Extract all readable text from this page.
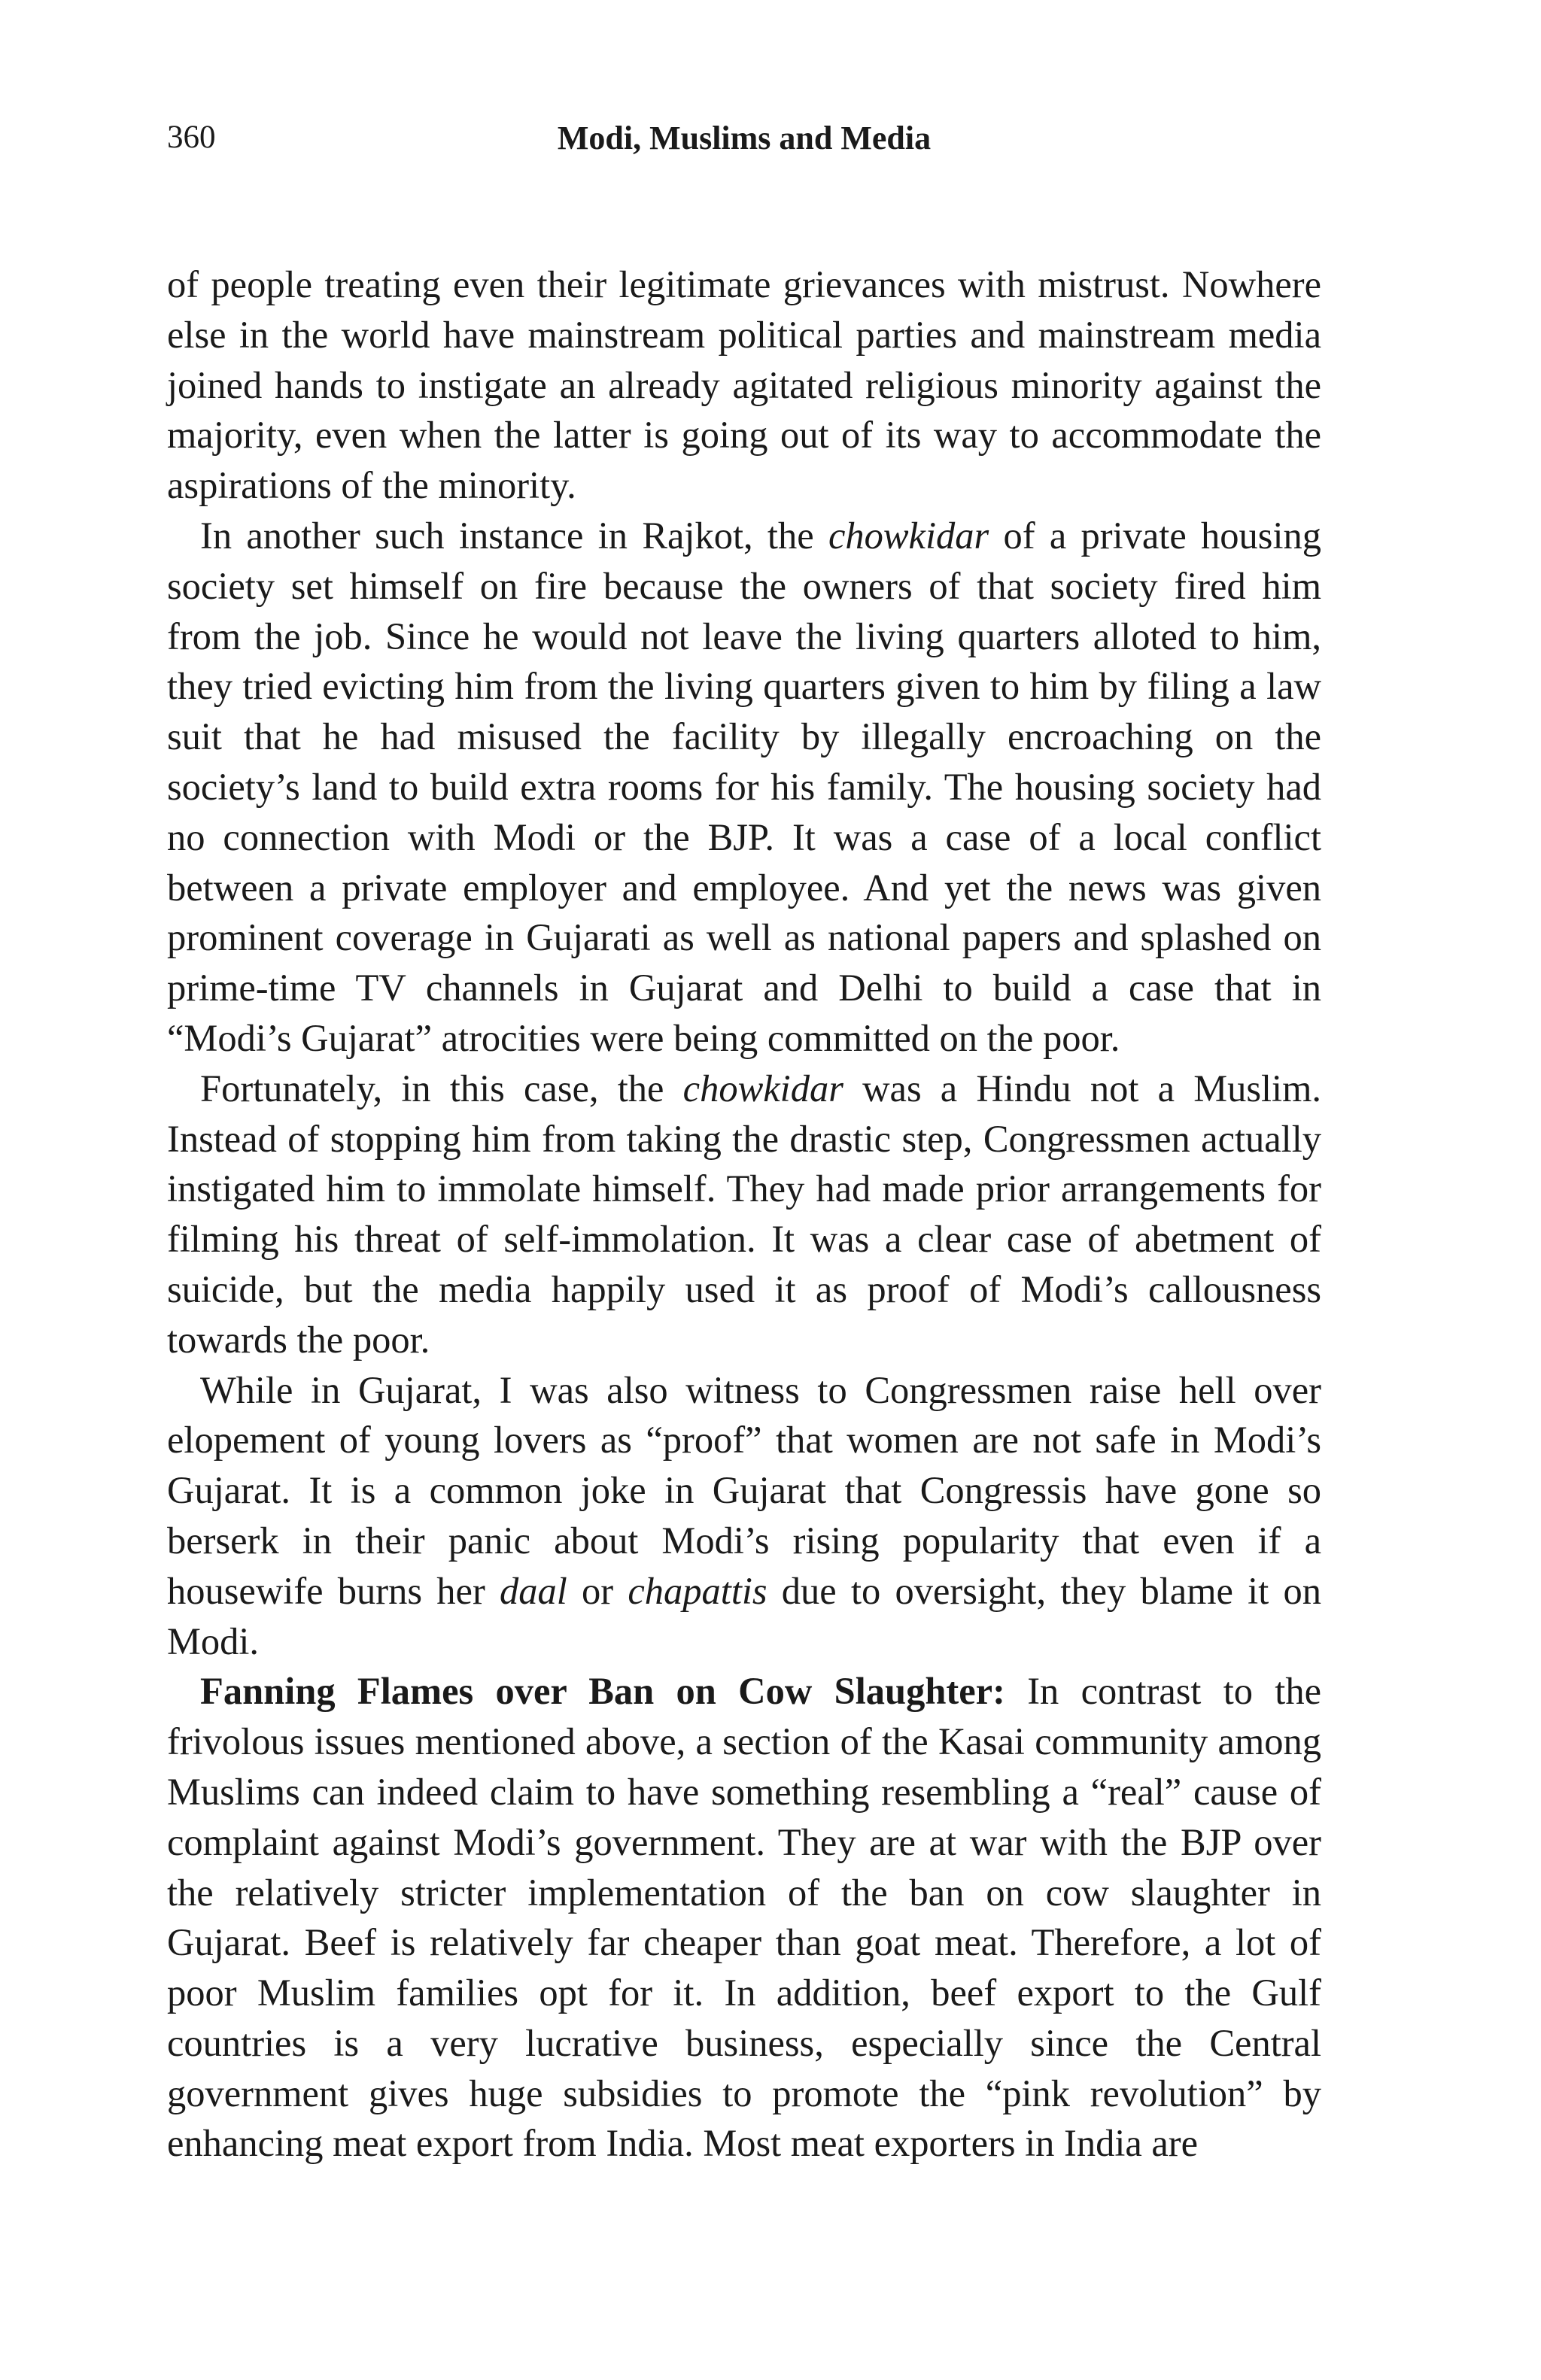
360	Modi, Muslims and Media

of people treating even their legitimate grievances with mistrust. Nowhere else in the world have mainstream political parties and mainstream media joined hands to instigate an already agitated religious minority against the majority, even when the latter is going out of its way to accommodate the aspirations of the minority.

In another such instance in Rajkot, the chowkidar of a private housing society set himself on fire because the owners of that society fired him from the job. Since he would not leave the living quarters alloted to him, they tried evicting him from the living quarters given to him by filing a law suit that he had misused the facility by illegally encroaching on the society’s land to build extra rooms for his family. The housing society had no connection with Modi or the BJP. It was a case of a local conflict between a private employer and employee. And yet the news was given prominent coverage in Gujarati as well as national papers and splashed on prime-time TV channels in Gujarat and Delhi to build a case that in “Modi’s Gujarat” atrocities were being committed on the poor.

Fortunately, in this case, the chowkidar was a Hindu not a Muslim. Instead of stopping him from taking the drastic step, Congressmen actually instigated him to immolate himself. They had made prior arrangements for filming his threat of self-immolation. It was a clear case of abetment of suicide, but the media happily used it as proof of Modi’s callousness towards the poor.

While in Gujarat, I was also witness to Congressmen raise hell over elopement of young lovers as “proof” that women are not safe in Modi’s Gujarat. It is a common joke in Gujarat that Congressis have gone so berserk in their panic about Modi’s rising popularity that even if a housewife burns her daal or chapattis due to oversight, they blame it on Modi.

Fanning Flames over Ban on Cow Slaughter: In contrast to the frivolous issues mentioned above, a section of the Kasai community among Muslims can indeed claim to have something resembling a “real” cause of complaint against Modi’s government. They are at war with the BJP over the relatively stricter implementation of the ban on cow slaughter in Gujarat. Beef is relatively far cheaper than goat meat. Therefore, a lot of poor Muslim families opt for it. In addition, beef export to the Gulf countries is a very lucrative business, especially since the Central government gives huge subsidies to promote the “pink revolution” by enhancing meat export from India. Most meat exporters in India are
